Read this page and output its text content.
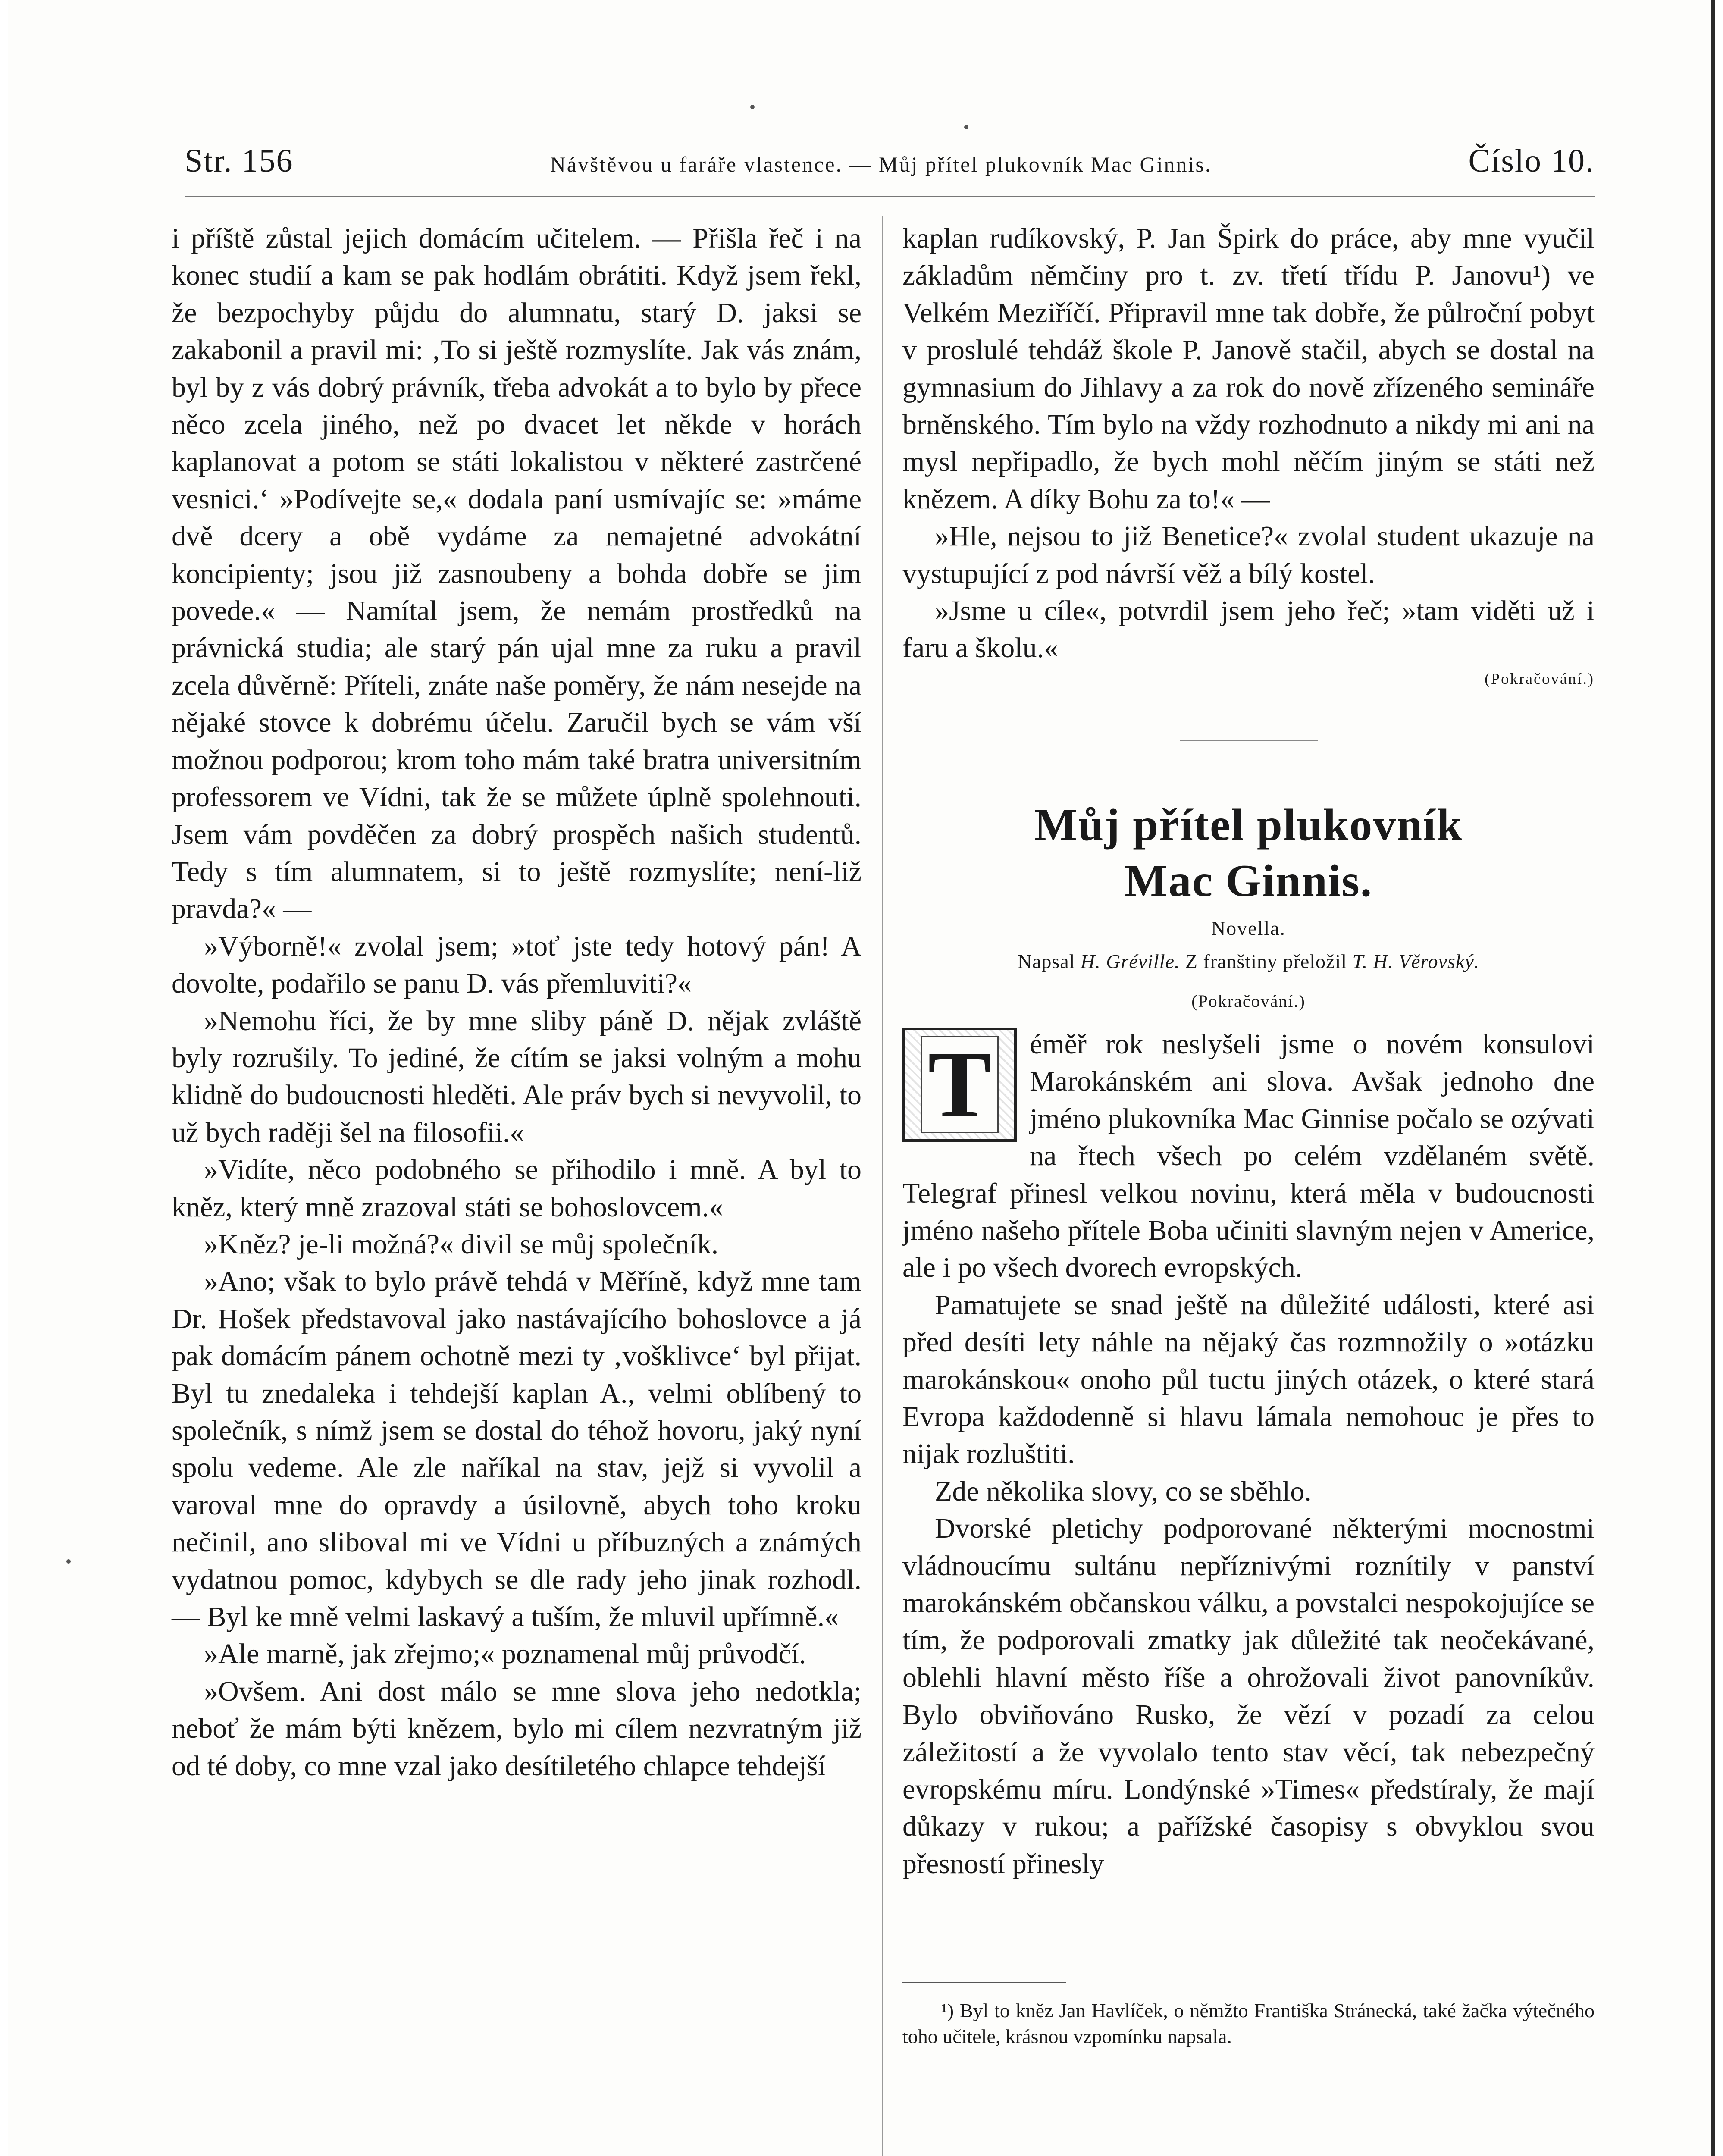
Str. 156	Návštěvou u faráře vlastence. — Můj přítel plukovník Mac Ginnis.	Číslo 10.

i příště zůstal jejich domácím učitelem. — Přišla řeč i na konec studií a kam se pak hodlám obrátiti. Když jsem řekl, že bezpochyby půjdu do alumnatu, starý D. jaksi se zakabonil a pravil mi: ‚To si ještě rozmyslíte. Jak vás znám, byl by z vás dobrý právník, třeba advokát a to bylo by přece něco zcela jiného, než po dvacet let někde v horách kaplanovat a potom se státi lokalistou v některé zastrčené vesnici.‘ »Podívejte se,« dodala paní usmívajíc se: »máme dvě dcery a obě vydáme za nemajetné advokátní koncipienty; jsou již zasnoubeny a bohda dobře se jim povede.« — Namítal jsem, že nemám prostředků na právnická studia; ale starý pán ujal mne za ruku a pravil zcela důvěrně: Příteli, znáte naše poměry, že nám nesejde na nějaké stovce k dobrému účelu. Zaručil bych se vám vší možnou podporou; krom toho mám také bratra universitním professorem ve Vídni, tak že se můžete úplně spolehnouti. Jsem vám povděčen za dobrý prospěch našich studentů. Tedy s tím alumnatem, si to ještě rozmyslíte; není-liž pravda?« —

»Výborně!« zvolal jsem; »toť jste tedy hotový pán! A dovolte, podařilo se panu D. vás přemluviti?«

»Nemohu říci, že by mne sliby páně D. nějak zvláště byly rozrušily. To jediné, že cítím se jaksi volným a mohu klidně do budoucnosti hleděti. Ale práv bych si nevyvolil, to už bych raději šel na filosofii.«

»Vidíte, něco podobného se přihodilo i mně. A byl to kněz, který mně zrazoval státi se bohoslovcem.«

»Kněz? je-li možná?« divil se můj společník.

»Ano; však to bylo právě tehdá v Měříně, když mne tam Dr. Hošek představoval jako nastávajícího bohoslovce a já pak domácím pánem ochotně mezi ty ‚vošklivce‘ byl přijat. Byl tu znedaleka i tehdejší kaplan A., velmi oblíbený to společník, s nímž jsem se dostal do téhož hovoru, jaký nyní spolu vedeme. Ale zle naříkal na stav, jejž si vyvolil a varoval mne do opravdy a úsilovně, abych toho kroku nečinil, ano sliboval mi ve Vídni u příbuzných a známých vydatnou pomoc, kdybych se dle rady jeho jinak rozhodl. — Byl ke mně velmi laskavý a tuším, že mluvil upřímně.«

»Ale marně, jak zřejmo;« poznamenal můj průvodčí.

»Ovšem. Ani dost málo se mne slova jeho nedotkla; neboť že mám býti knězem, bylo mi cílem nezvratným již od té doby, co mne vzal jako desítiletého chlapce tehdejší

kaplan rudíkovský, P. Jan Špirk do práce, aby mne vyučil základům němčiny pro t. zv. třetí třídu P. Janovu¹) ve Velkém Meziříčí. Připravil mne tak dobře, že půlroční pobyt v proslulé tehdáž škole P. Janově stačil, abych se dostal na gymnasium do Jihlavy a za rok do nově zřízeného semináře brněnského. Tím bylo na vždy rozhodnuto a nikdy mi ani na mysl nepřipadlo, že bych mohl něčím jiným se státi než knězem. A díky Bohu za to!« —

»Hle, nejsou to již Benetice?« zvolal student ukazuje na vystupující z pod návrší věž a bílý kostel.

»Jsme u cíle«, potvrdil jsem jeho řeč; »tam viděti už i faru a školu.«

(Pokračování.)

Můj přítel plukovník
Mac Ginnis.

Novella.

Napsal H. Gréville. Z franštiny přeložil T. H. Věrovský.

(Pokračování.)

T éměř rok neslyšeli jsme o novém konsulovi Marokánském ani slova. Avšak jednoho dne jméno plukovníka Mac Ginnise počalo se ozývati na řtech všech po celém vzdělaném světě. Telegraf přinesl velkou novinu, která měla v budoucnosti jméno našeho přítele Boba učiniti slavným nejen v Americe, ale i po všech dvorech evropských.

Pamatujete se snad ještě na důležité události, které asi před desíti lety náhle na nějaký čas rozmnožily o »otázku marokánskou« onoho půl tuctu jiných otázek, o které stará Evropa každodenně si hlavu lámala nemohouc je přes to nijak rozluštiti.

Zde několika slovy, co se sběhlo.

Dvorské pletichy podporované některými mocnostmi vládnoucímu sultánu nepříznivými roznítily v panství marokánském občanskou válku, a povstalci nespokojujíce se tím, že podporovali zmatky jak důležité tak neočekávané, oblehli hlavní město říše a ohrožovali život panovníkův. Bylo obviňováno Rusko, že vězí v pozadí za celou záležitostí a že vyvolalo tento stav věcí, tak nebezpečný evropskému míru. Londýnské »Times« předstíraly, že mají důkazy v rukou; a pařížské časopisy s obvyklou svou přesností přinesly

¹) Byl to kněz Jan Havlíček, o němžto Františka Stránecká, také žačka výtečného toho učitele, krásnou vzpomínku napsala.
